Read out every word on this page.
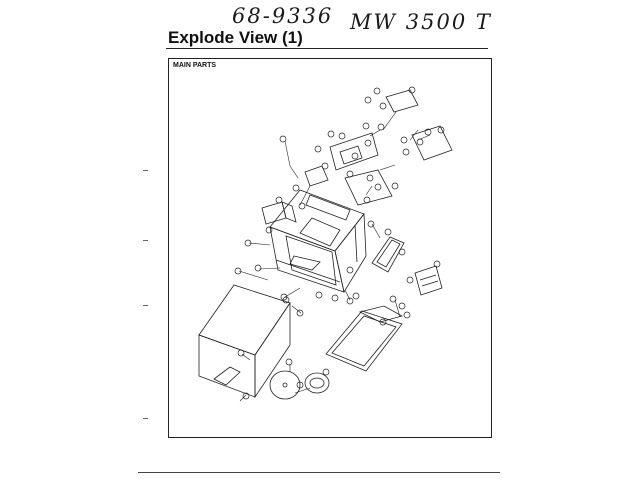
68-9336 MW 3500 T
Explode View (1)
MAIN PARTS
